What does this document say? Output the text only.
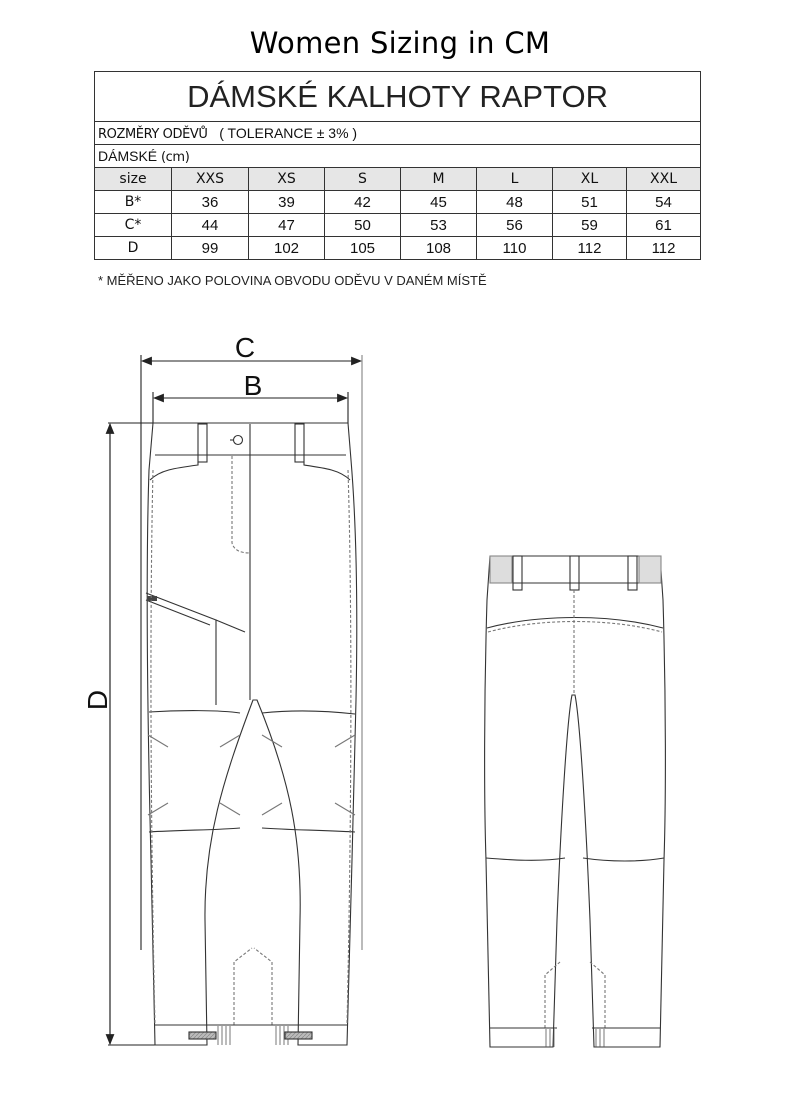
Women Sizing in CM
DÁMSKÉ KALHOTY RAPTOR							
ROZMĚRY ODĚVŮ ( TOLERANCE ± 3% )							
DÁMSKÉ (cm)							
size	XXS	XS	S	M	L	XL	XXL
B*	36	39	42	45	48	51	54
C*	44	47	50	53	56	59	61
D	99	102	105	108	110	112	112
* MĚŘENO JAKO POLOVINA OBVODU ODĚVU V DANÉM MÍSTĚ
C
B
D
